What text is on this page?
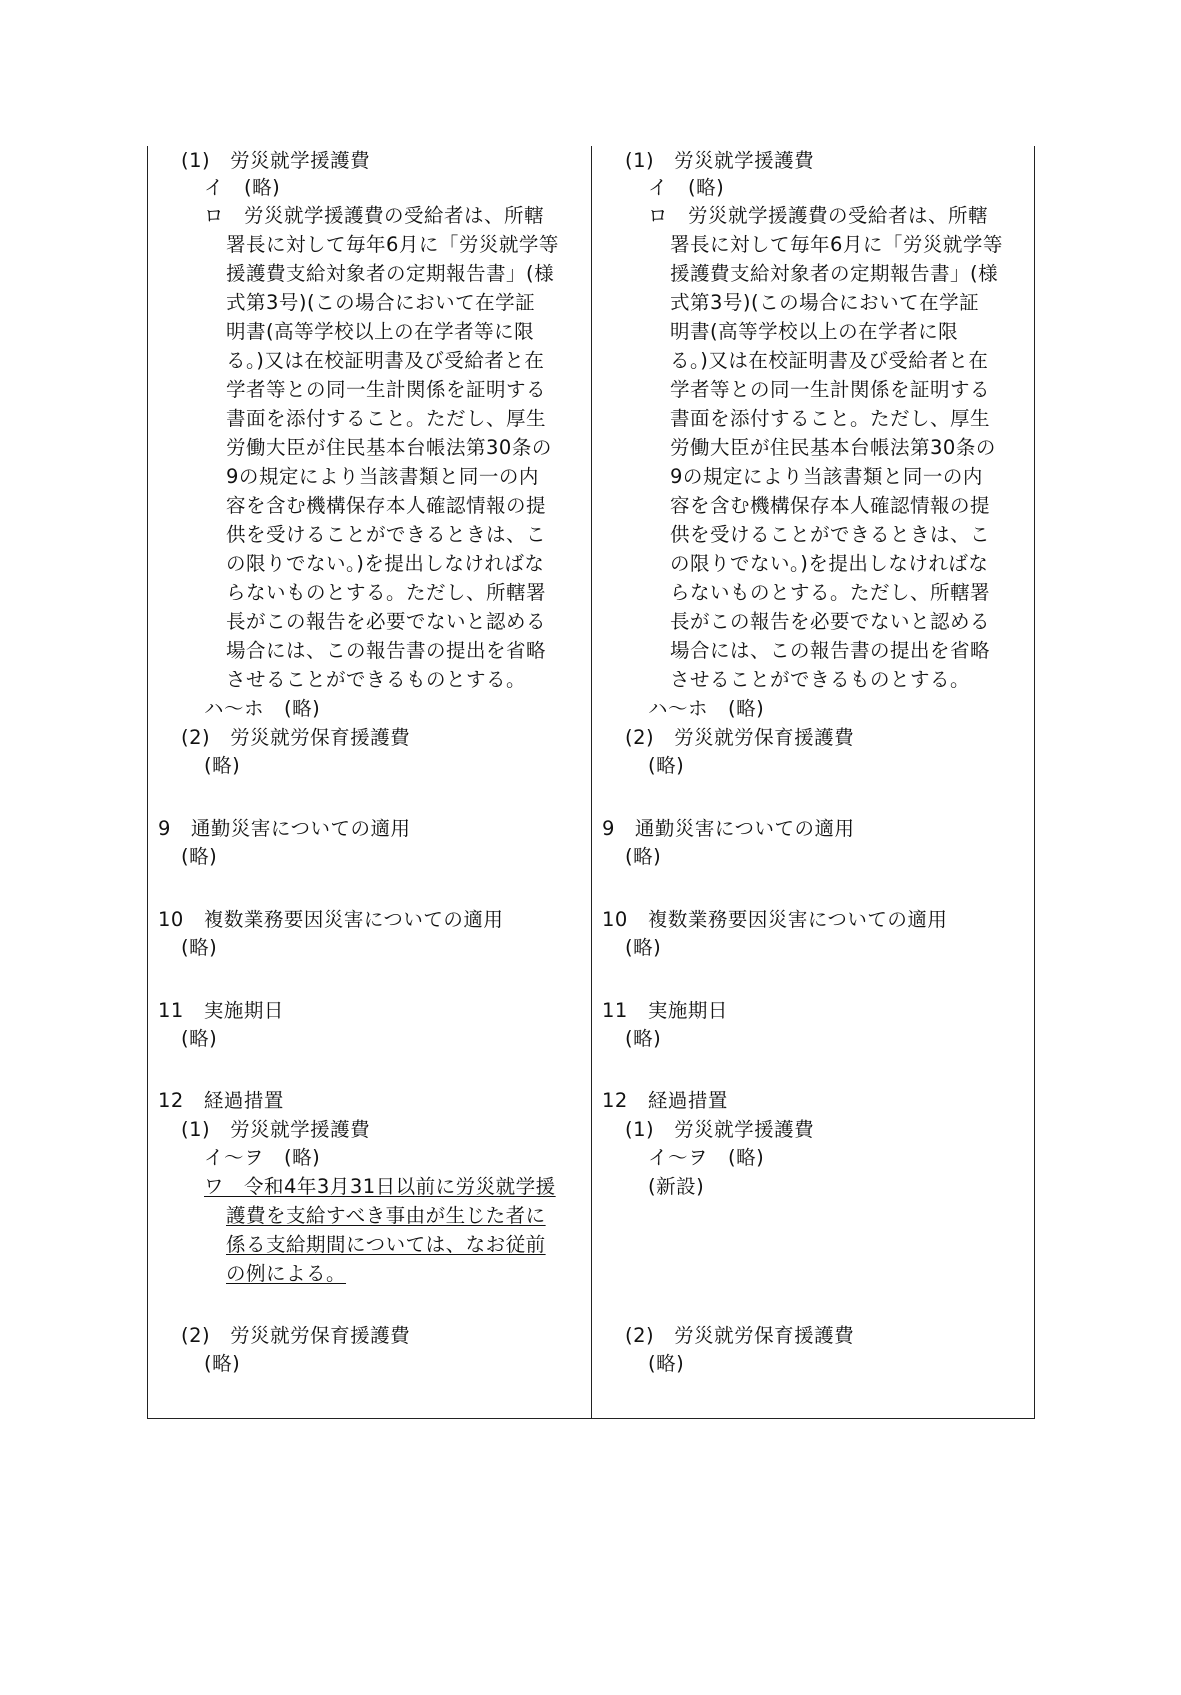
(1)　労災就学援護費
イ　(略)
ロ　労災就学援護費の受給者は、所轄
署長に対して毎年6月に「労災就学等
援護費支給対象者の定期報告書」(様
式第3号)(この場合において在学証
明書(高等学校以上の在学者等に限
る。)又は在校証明書及び受給者と在
学者等との同一生計関係を証明する
書面を添付すること。ただし、厚生
労働大臣が住民基本台帳法第30条の
9の規定により当該書類と同一の内
容を含む機構保存本人確認情報の提
供を受けることができるときは、こ
の限りでない。)を提出しなければな
らないものとする。ただし、所轄署
長がこの報告を必要でないと認める
場合には、この報告書の提出を省略
させることができるものとする。
ハ〜ホ　(略)
(2)　労災就労保育援護費
(略)
9　通勤災害についての適用
(略)
10　複数業務要因災害についての適用
(略)
11　実施期日
(略)
12　経過措置
(1)　労災就学援護費
イ〜ヲ　(略)
ワ　令和4年3月31日以前に労災就学援
護費を支給すべき事由が生じた者に
係る支給期間については、なお従前
の例による。
(2)　労災就労保育援護費
(略)
(1)　労災就学援護費
イ　(略)
ロ　労災就学援護費の受給者は、所轄
署長に対して毎年6月に「労災就学等
援護費支給対象者の定期報告書」(様
式第3号)(この場合において在学証
明書(高等学校以上の在学者に限
る。)又は在校証明書及び受給者と在
学者等との同一生計関係を証明する
書面を添付すること。ただし、厚生
労働大臣が住民基本台帳法第30条の
9の規定により当該書類と同一の内
容を含む機構保存本人確認情報の提
供を受けることができるときは、こ
の限りでない。)を提出しなければな
らないものとする。ただし、所轄署
長がこの報告を必要でないと認める
場合には、この報告書の提出を省略
させることができるものとする。
ハ〜ホ　(略)
(2)　労災就労保育援護費
(略)
9　通勤災害についての適用
(略)
10　複数業務要因災害についての適用
(略)
11　実施期日
(略)
12　経過措置
(1)　労災就学援護費
イ〜ヲ　(略)
(新設)
(2)　労災就労保育援護費
(略)
